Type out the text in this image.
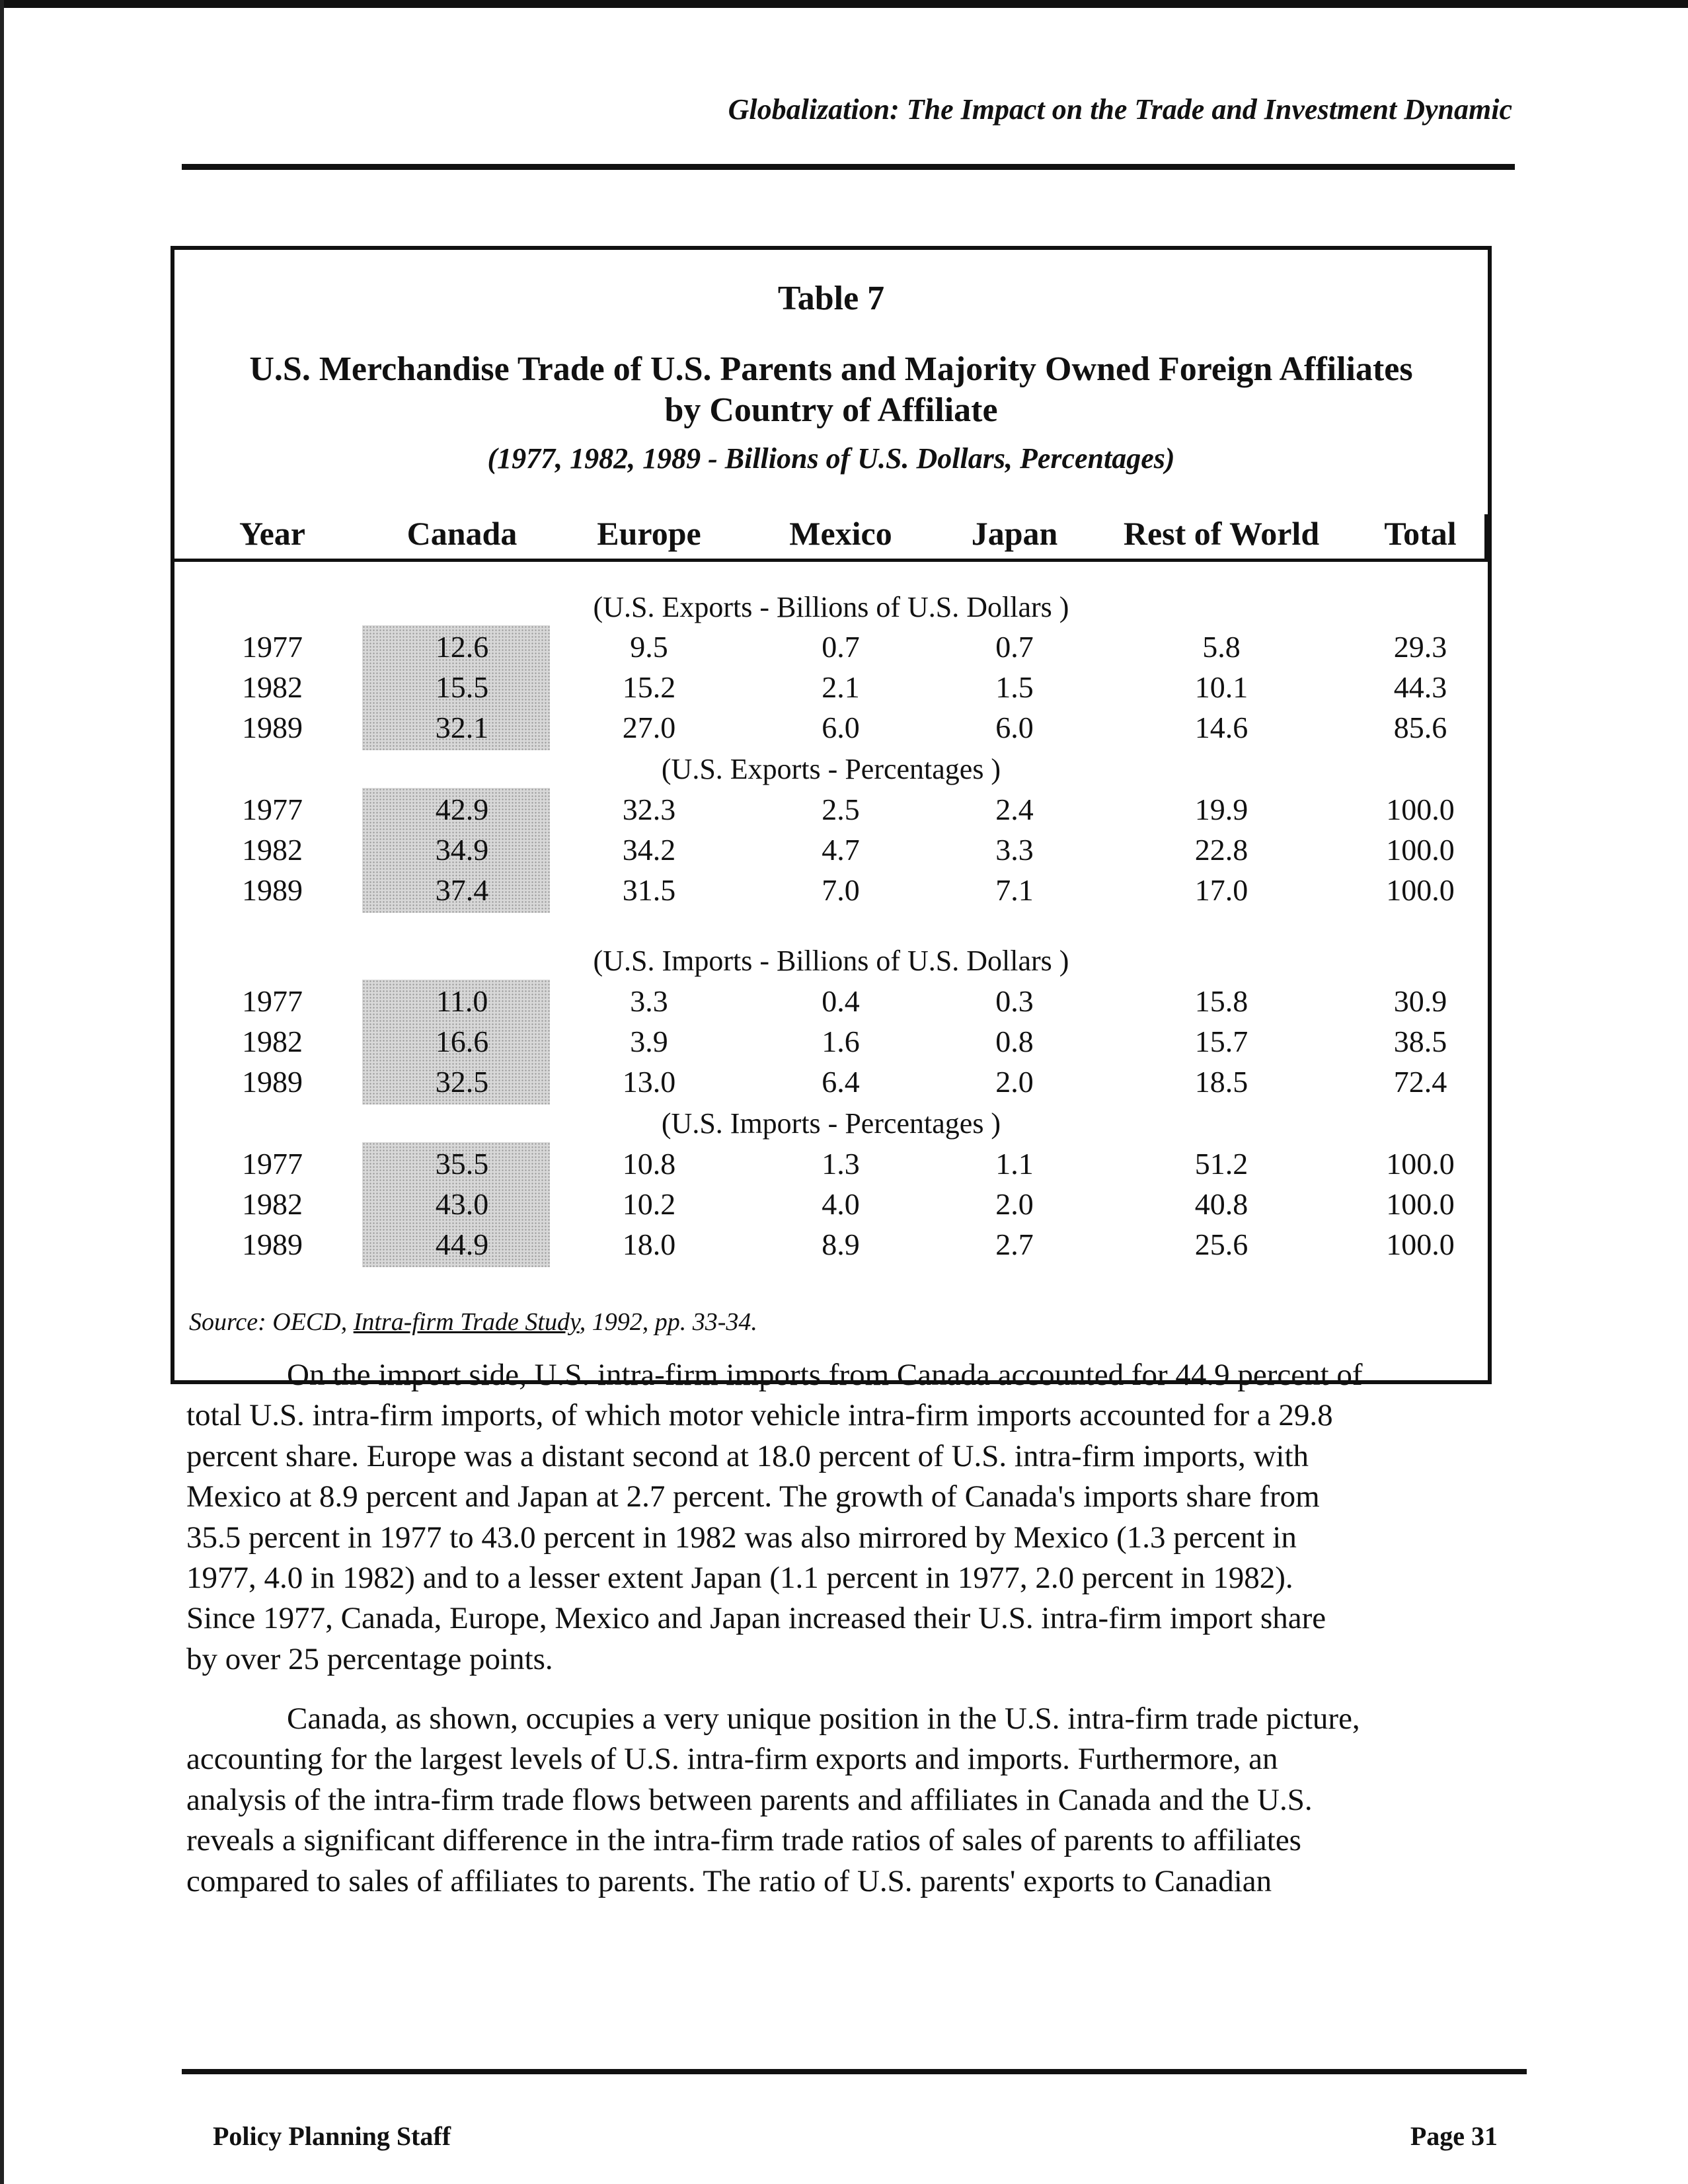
Globalization: The Impact on the Trade and Investment Dynamic
Table 7
U.S. Merchandise Trade of U.S. Parents and Majority Owned Foreign Affiliates
by Country of Affiliate
(1977, 1982, 1989 - Billions of U.S. Dollars, Percentages)
Year	Canada	Europe	Mexico	Japan	Rest of World	Total
(U.S. Exports - Billions of U.S. Dollars )
1977	12.6	9.5	0.7	0.7	5.8	29.3
1982	15.5	15.2	2.1	1.5	10.1	44.3
1989	32.1	27.0	6.0	6.0	14.6	85.6
(U.S. Exports - Percentages )
1977	42.9	32.3	2.5	2.4	19.9	100.0
1982	34.9	34.2	4.7	3.3	22.8	100.0
1989	37.4	31.5	7.0	7.1	17.0	100.0
(U.S. Imports - Billions of U.S. Dollars )
1977	11.0	3.3	0.4	0.3	15.8	30.9
1982	16.6	3.9	1.6	0.8	15.7	38.5
1989	32.5	13.0	6.4	2.0	18.5	72.4
(U.S. Imports - Percentages )
1977	35.5	10.8	1.3	1.1	51.2	100.0
1982	43.0	10.2	4.0	2.0	40.8	100.0
1989	44.9	18.0	8.9	2.7	25.6	100.0
Source: OECD, Intra-firm Trade Study, 1992, pp. 33-34.
On the import side, U.S. intra-firm imports from Canada accounted for 44.9 percent of
total U.S. intra-firm imports, of which motor vehicle intra-firm imports accounted for a 29.8
percent share. Europe was a distant second at 18.0 percent of U.S. intra-firm imports, with
Mexico at 8.9 percent and Japan at 2.7 percent. The growth of Canada's imports share from
35.5 percent in 1977 to 43.0 percent in 1982 was also mirrored by Mexico (1.3 percent in
1977, 4.0 in 1982) and to a lesser extent Japan (1.1 percent in 1977, 2.0 percent in 1982).
Since 1977, Canada, Europe, Mexico and Japan increased their U.S. intra-firm import share
by over 25 percentage points.
Canada, as shown, occupies a very unique position in the U.S. intra-firm trade picture,
accounting for the largest levels of U.S. intra-firm exports and imports. Furthermore, an
analysis of the intra-firm trade flows between parents and affiliates in Canada and the U.S.
reveals a significant difference in the intra-firm trade ratios of sales of parents to affiliates
compared to sales of affiliates to parents. The ratio of U.S. parents' exports to Canadian
Policy Planning Staff	Page 31
